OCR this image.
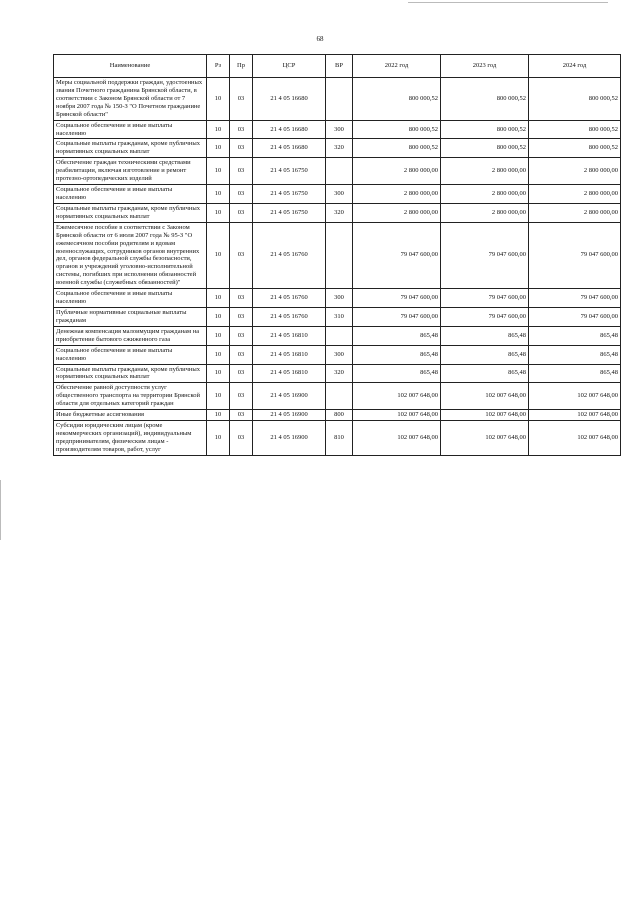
68
Наименование	Рз	Пр	ЦСР	ВР	2022 год	2023 год	2024 год
Меры социальной поддержки граждан, удостоенных звания Почетного гражданина Брянской области, в соответствии с Законом Брянской области от 7 ноября 2007 года № 150-З "О Почетном гражданине Брянской области"	10	03	21 4 05 16680		800 000,52	800 000,52	800 000,52
Социальное обеспечение и иные выплаты населению	10	03	21 4 05 16680	300	800 000,52	800 000,52	800 000,52
Социальные выплаты гражданам, кроме публичных нормативных социальных выплат	10	03	21 4 05 16680	320	800 000,52	800 000,52	800 000,52
Обеспечение граждан техническими средствами реабилитации, включая изготовление и ремонт протезно-ортопедических изделий	10	03	21 4 05 16750		2 800 000,00	2 800 000,00	2 800 000,00
Социальное обеспечение и иные выплаты населению	10	03	21 4 05 16750	300	2 800 000,00	2 800 000,00	2 800 000,00
Социальные выплаты гражданам, кроме публичных нормативных социальных выплат	10	03	21 4 05 16750	320	2 800 000,00	2 800 000,00	2 800 000,00
Ежемесячное пособие в соответствии с Законом Брянской области от 6 июля 2007 года № 95-З "О ежемесячном пособии родителям и вдовам военнослужащих, сотрудников органов внутренних дел, органов федеральной службы безопасности, органов и учреждений уголовно-исполнительной системы, погибших при исполнении обязанностей военной службы (служебных обязанностей)"	10	03	21 4 05 16760		79 047 600,00	79 047 600,00	79 047 600,00
Социальное обеспечение и иные выплаты населению	10	03	21 4 05 16760	300	79 047 600,00	79 047 600,00	79 047 600,00
Публичные нормативные социальные выплаты гражданам	10	03	21 4 05 16760	310	79 047 600,00	79 047 600,00	79 047 600,00
Денежная компенсация малоимущим гражданам на приобретение бытового сжиженного газа	10	03	21 4 05 16810		865,48	865,48	865,48
Социальное обеспечение и иные выплаты населению	10	03	21 4 05 16810	300	865,48	865,48	865,48
Социальные выплаты гражданам, кроме публичных нормативных социальных выплат	10	03	21 4 05 16810	320	865,48	865,48	865,48
Обеспечение равной доступности услуг общественного транспорта на территории Брянской области для отдельных категорий граждан	10	03	21 4 05 16900		102 007 648,00	102 007 648,00	102 007 648,00
Иные бюджетные ассигнования	10	03	21 4 05 16900	800	102 007 648,00	102 007 648,00	102 007 648,00
Субсидии юридическим лицам (кроме некоммерческих организаций), индивидуальным предпринимателям, физическим лицам - производителям товаров, работ, услуг	10	03	21 4 05 16900	810	102 007 648,00	102 007 648,00	102 007 648,00
